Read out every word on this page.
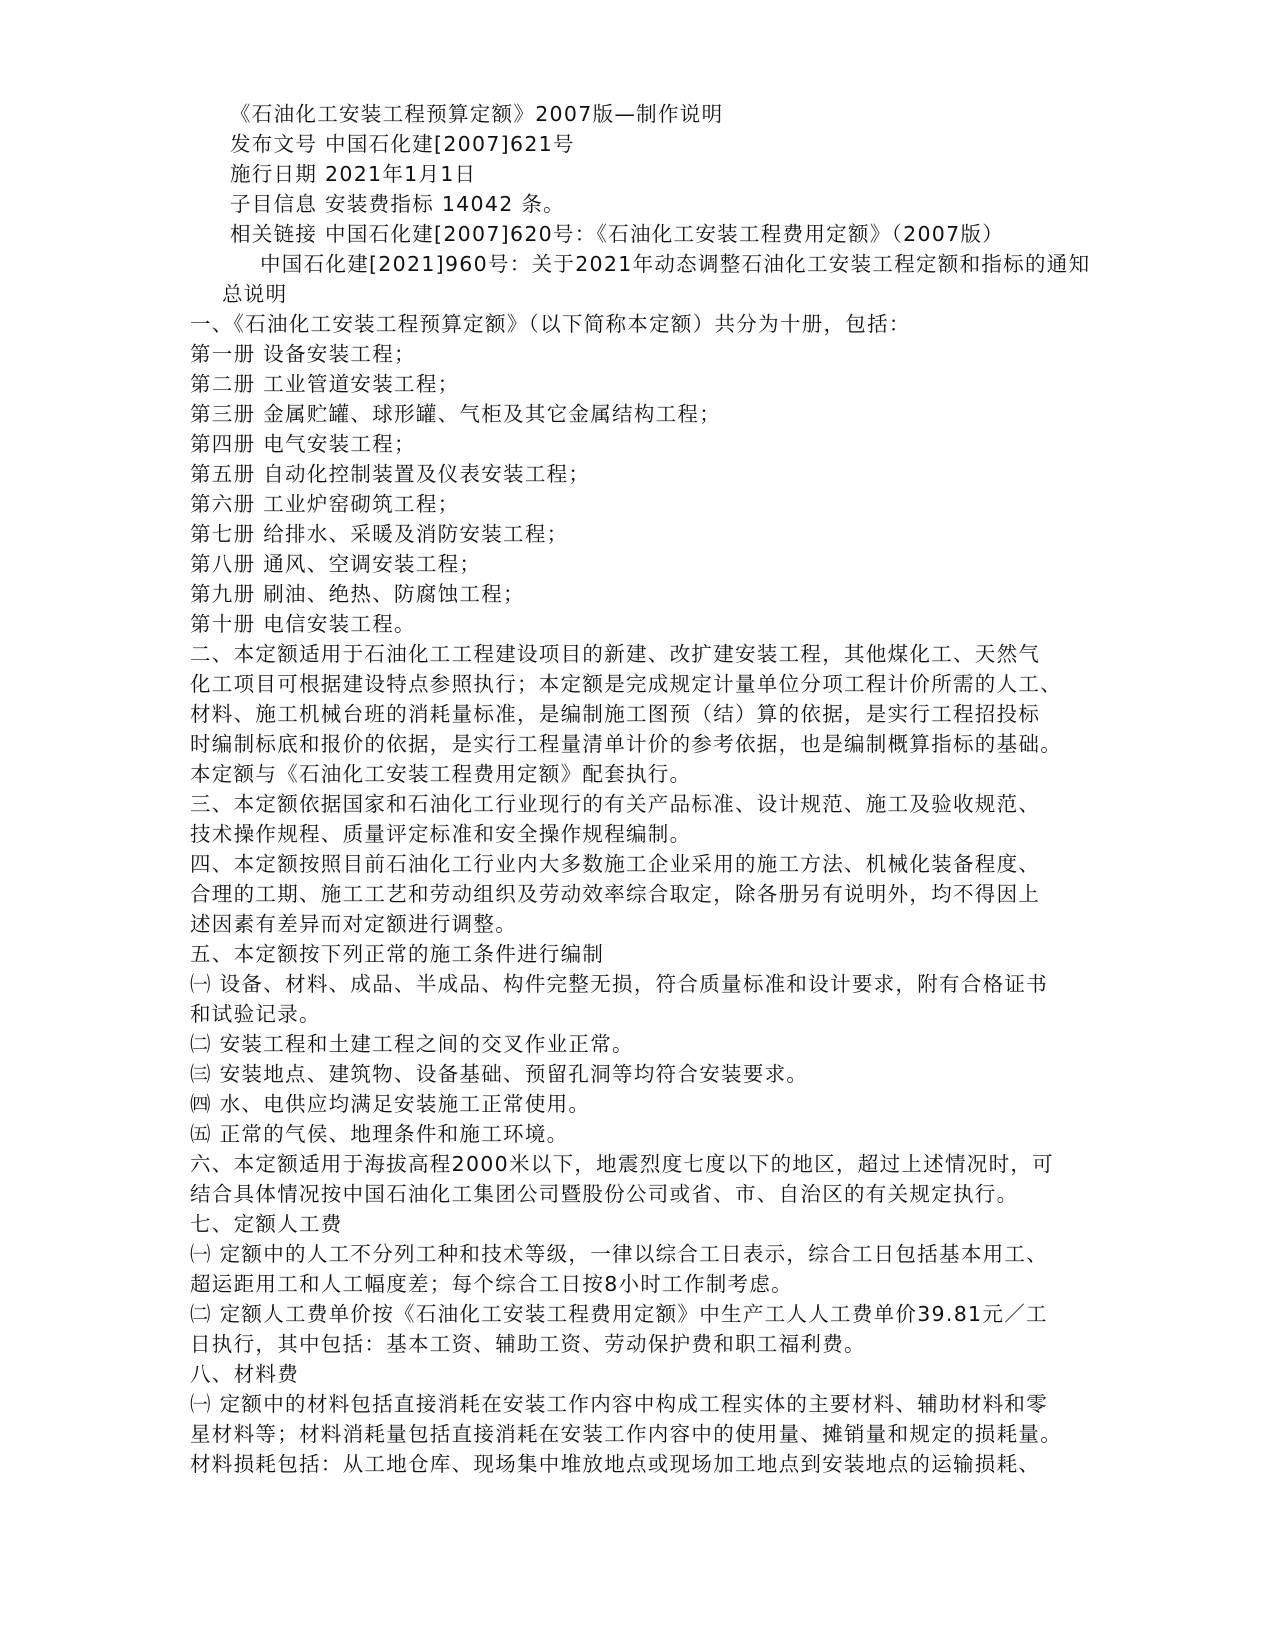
《石油化工安装工程预算定额》2007版—制作说明
发布文号 中国石化建[2007]621号
施行日期 2021年1月1日
子目信息 安装费指标 14042 条。
相关链接 中国石化建[2007]620号：《石油化工安装工程费用定额》（2007版）
中国石化建[2021]960号：关于2021年动态调整石油化工安装工程定额和指标的通知
总说明
一、《石油化工安装工程预算定额》（以下简称本定额）共分为十册，包括：
第一册 设备安装工程；
第二册 工业管道安装工程；
第三册 金属贮罐、球形罐、气柜及其它金属结构工程；
第四册 电气安装工程；
第五册 自动化控制装置及仪表安装工程；
第六册 工业炉窑砌筑工程；
第七册 给排水、采暖及消防安装工程；
第八册 通风、空调安装工程；
第九册 刷油、绝热、防腐蚀工程；
第十册 电信安装工程。
二、本定额适用于石油化工工程建设项目的新建、改扩建安装工程，其他煤化工、天然气
化工项目可根据建设特点参照执行；本定额是完成规定计量单位分项工程计价所需的人工、
材料、施工机械台班的消耗量标准，是编制施工图预（结）算的依据，是实行工程招投标
时编制标底和报价的依据，是实行工程量清单计价的参考依据，也是编制概算指标的基础。
本定额与《石油化工安装工程费用定额》配套执行。
三、本定额依据国家和石油化工行业现行的有关产品标准、设计规范、施工及验收规范、
技术操作规程、质量评定标准和安全操作规程编制。
四、本定额按照目前石油化工行业内大多数施工企业采用的施工方法、机械化装备程度、
合理的工期、施工工艺和劳动组织及劳动效率综合取定，除各册另有说明外，均不得因上
述因素有差异而对定额进行调整。
五、本定额按下列正常的施工条件进行编制
㈠ 设备、材料、成品、半成品、构件完整无损，符合质量标准和设计要求，附有合格证书
和试验记录。
㈡ 安装工程和土建工程之间的交叉作业正常。
㈢ 安装地点、建筑物、设备基础、预留孔洞等均符合安装要求。
㈣ 水、电供应均满足安装施工正常使用。
㈤ 正常的气侯、地理条件和施工环境。
六、本定额适用于海拔高程2000米以下，地震烈度七度以下的地区，超过上述情况时，可
结合具体情况按中国石油化工集团公司暨股份公司或省、市、自治区的有关规定执行。
七、定额人工费
㈠ 定额中的人工不分列工种和技术等级，一律以综合工日表示，综合工日包括基本用工、
超运距用工和人工幅度差；每个综合工日按8小时工作制考虑。
㈡ 定额人工费单价按《石油化工安装工程费用定额》中生产工人人工费单价39.81元／工
日执行，其中包括：基本工资、辅助工资、劳动保护费和职工福利费。
八、材料费
㈠ 定额中的材料包括直接消耗在安装工作内容中构成工程实体的主要材料、辅助材料和零
星材料等；材料消耗量包括直接消耗在安装工作内容中的使用量、摊销量和规定的损耗量。
材料损耗包括：从工地仓库、现场集中堆放地点或现场加工地点到安装地点的运输损耗、
